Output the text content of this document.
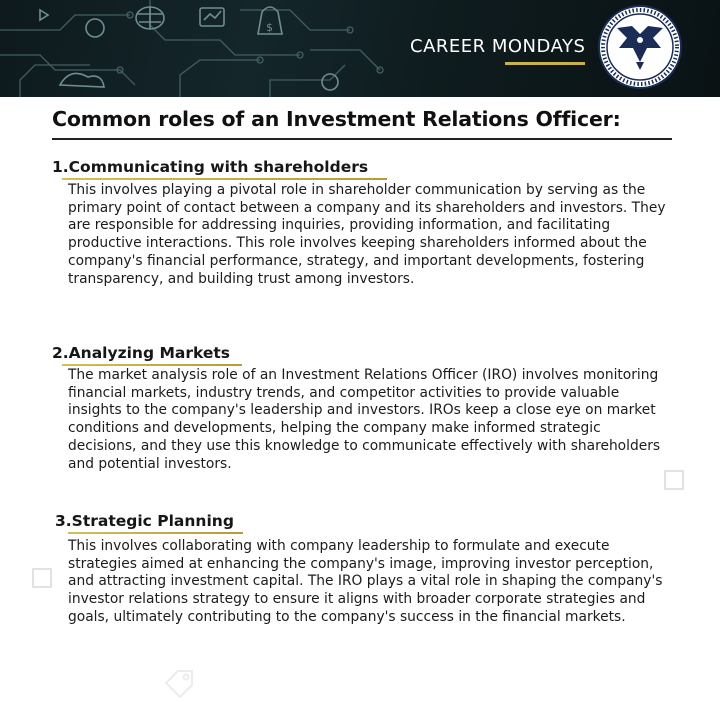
$
CAREER MONDAYS
Common roles of an Investment Relations Officer:
1.Communicating with shareholders

This involves playing a pivotal role in shareholder communication by serving as the primary point of contact between a company and its shareholders and investors. They are responsible for addressing inquiries, providing information, and facilitating productive interactions. This role involves keeping shareholders informed about the company's financial performance, strategy, and important developments, fostering transparency, and building trust among investors.

2.Analyzing Markets

The market analysis role of an Investment Relations Officer (IRO) involves monitoring financial markets, industry trends, and competitor activities to provide valuable insights to the company's leadership and investors. IROs keep a close eye on market conditions and developments, helping the company make informed strategic decisions, and they use this knowledge to communicate effectively with shareholders and potential investors.

3.Strategic Planning

This involves collaborating with company leadership to formulate and execute strategies aimed at enhancing the company's image, improving investor perception, and attracting investment capital. The IRO plays a vital role in shaping the company's investor relations strategy to ensure it aligns with broader corporate strategies and goals, ultimately contributing to the company's success in the financial markets.
